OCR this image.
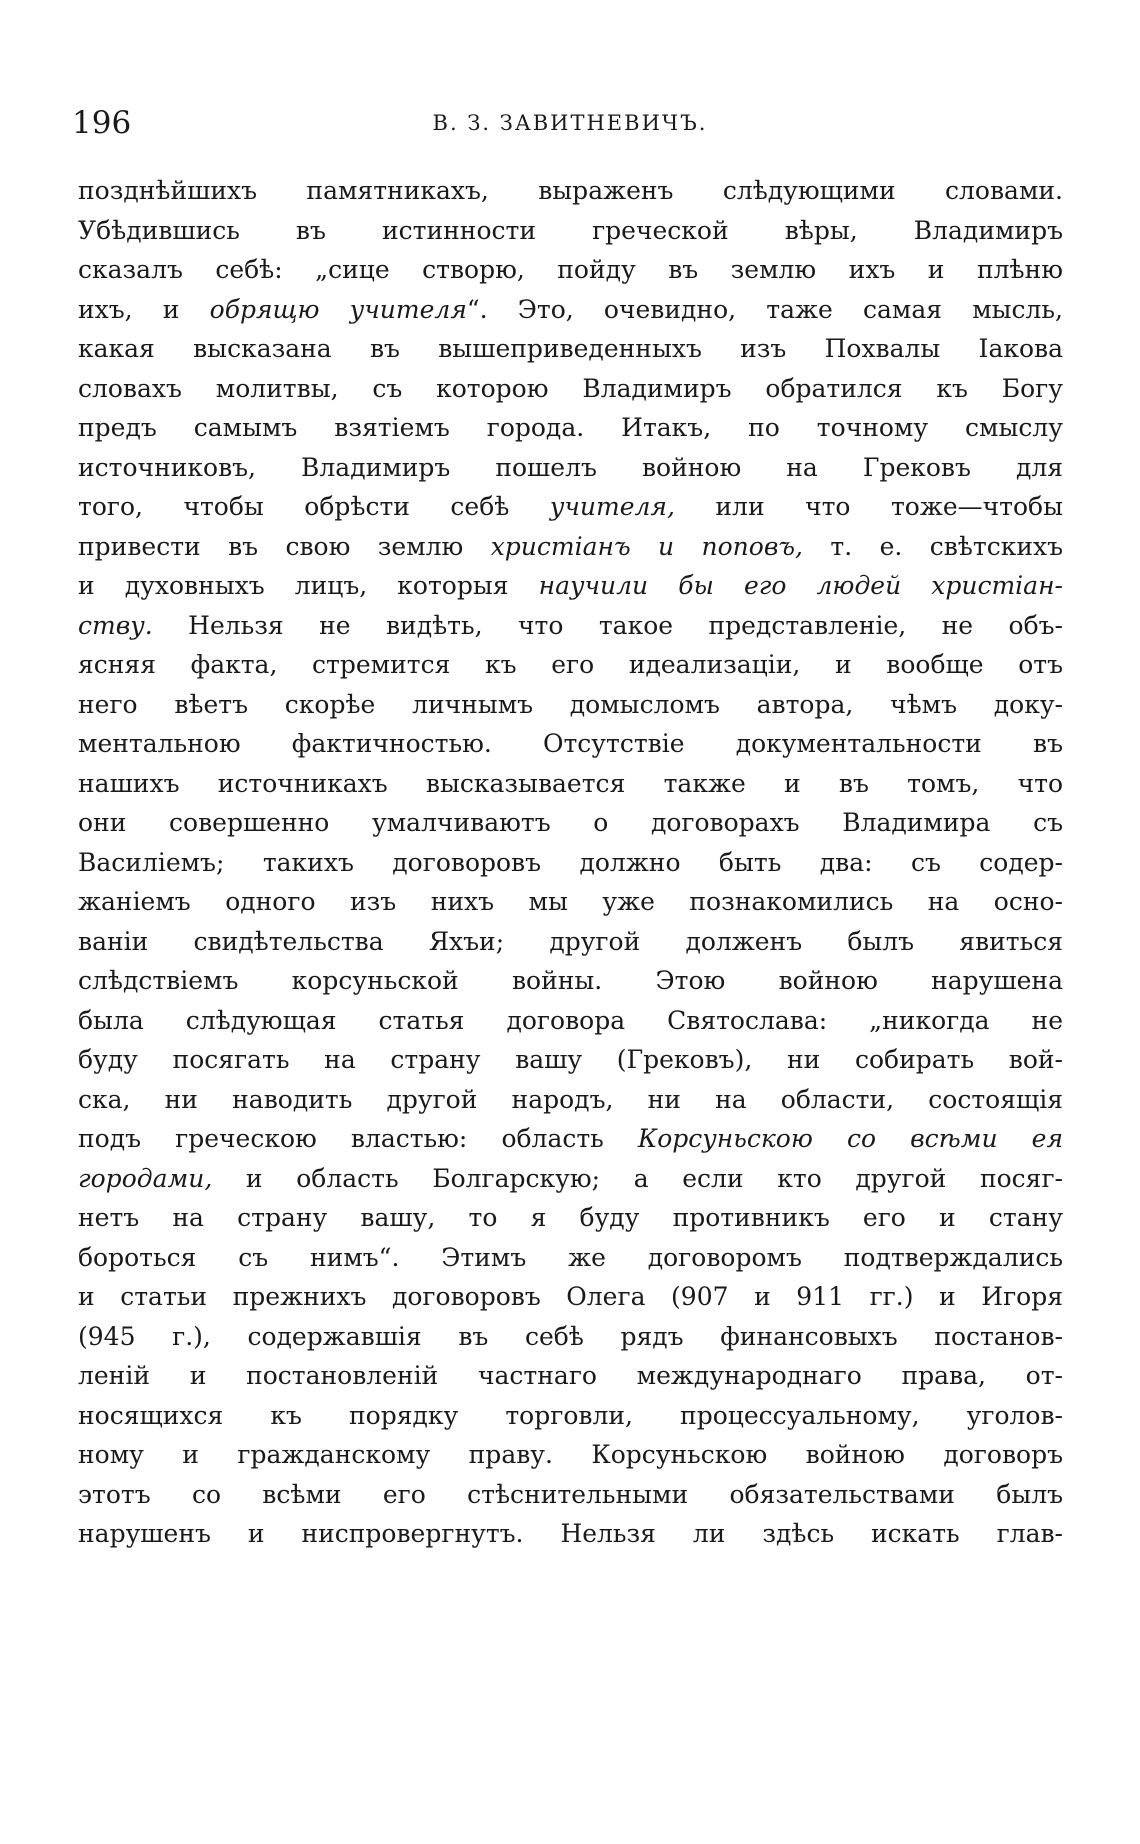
196	В. З. ЗАВИТНЕВИЧЪ.
позднѣйшихъ памятникахъ, выраженъ слѣдующими словами.
Убѣдившись въ истинности греческой вѣры, Владимиръ
сказалъ себѣ: „сице створю, пойду въ землю ихъ и плѣню
ихъ, и обрящю учителя“. Это, очевидно, таже самая мысль,
какая высказана въ вышеприведенныхъ изъ Похвалы Іакова
словахъ молитвы, съ которою Владимиръ обратился къ Богу
предъ самымъ взятіемъ города. Итакъ, по точному смыслу
источниковъ, Владимиръ пошелъ войною на Грековъ для
того, чтобы обрѣсти себѣ учителя, или что тоже—чтобы
привести въ свою землю христіанъ и поповъ, т. е. свѣтскихъ
и духовныхъ лицъ, которыя научили бы его людей христіан-
ству. Нельзя не видѣть, что такое представленіе, не объ-
ясняя факта, стремится къ его идеализаціи, и вообще отъ
него вѣетъ скорѣе личнымъ домысломъ автора, чѣмъ доку-
ментальною фактичностью. Отсутствіе документальности въ
нашихъ источникахъ высказывается также и въ томъ, что
они совершенно умалчиваютъ о договорахъ Владимира съ
Василіемъ; такихъ договоровъ должно быть два: съ содер-
жаніемъ одного изъ нихъ мы уже познакомились на осно-
ваніи свидѣтельства Яхъи; другой долженъ былъ явиться
слѣдствіемъ корсуньской войны. Этою войною нарушена
была слѣдующая статья договора Святослава: „никогда не
буду посягать на страну вашу (Грековъ), ни собирать вой-
ска, ни наводить другой народъ, ни на области, состоящія
подъ греческою властью: область Корсуньскою со всѣми ея
городами, и область Болгарскую; а если кто другой посяг-
нетъ на страну вашу, то я буду противникъ его и стану
бороться съ нимъ“. Этимъ же договоромъ подтверждались
и статьи прежнихъ договоровъ Олега (907 и 911 гг.) и Игоря
(945 г.), содержавшія въ себѣ рядъ финансовыхъ постанов-
леній и постановленій частнаго международнаго права, от-
носящихся къ порядку торговли, процессуальному, уголов-
ному и гражданскому праву. Корсуньскою войною договоръ
этотъ со всѣми его стѣснительными обязательствами былъ
нарушенъ и ниспровергнутъ. Нельзя ли здѣсь искать глав-
